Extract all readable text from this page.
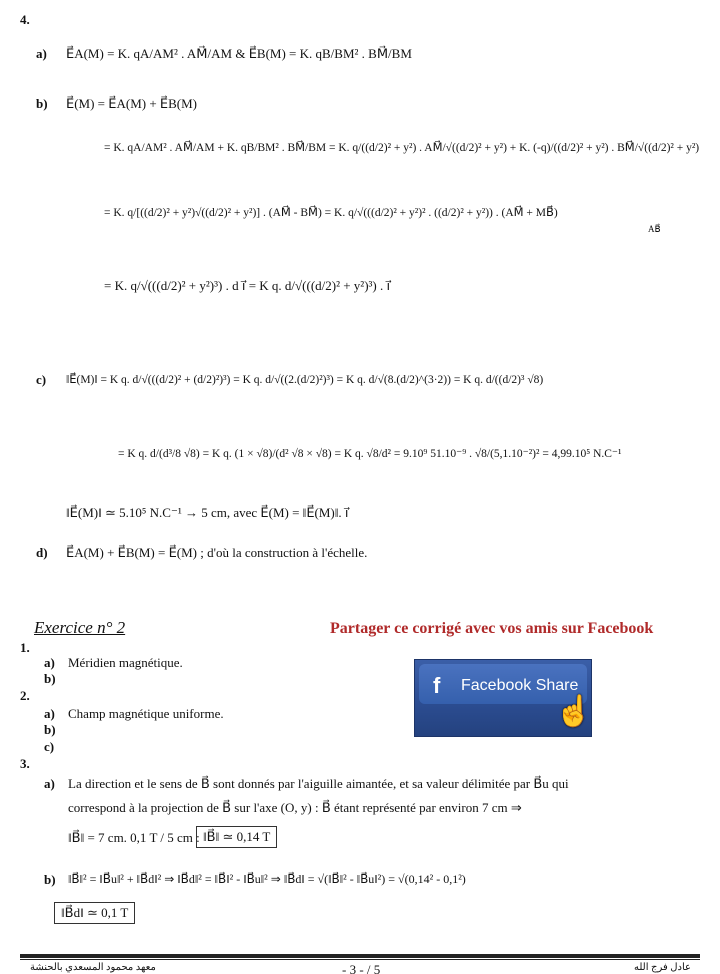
4.
a) E⃗A(M) = K. qA/AM² . AM⃗/AM & E⃗B(M) = K. qB/BM² . BM⃗/BM
b) E⃗(M) = E⃗A(M) + E⃗B(M)
= K. qA/AM² . AM⃗/AM + K. qB/BM² . BM⃗/BM = K. q/((d/2)² + y²) . AM⃗/√((d/2)² + y²) + K. (-q)/((d/2)² + y²) . BM⃗/√((d/2)² + y²)
= K. q/[((d/2)² + y²)√((d/2)² + y²)] . (AM⃗ - BM⃗) = K. q/√(((d/2)² + y²)² . ((d/2)² + y²)) . (AM⃗ + MB⃗)
AB⃗
= K. q/√(((d/2)² + y²)³) . d i⃗ = K q. d/√(((d/2)² + y²)³) . i⃗
c) ‖E⃗(M)‖ = K q. d/√(((d/2)² + (d/2)²)³) = K q. d/√((2.(d/2)²)³) = K q. d/√(8.(d/2)^(3·2)) = K q. d/((d/2)³ √8)
= K q. d/(d³/8 √8) = K q. (1 × √8)/(d² √8 × √8) = K q. √8/d² = 9.10⁹ 51.10⁻⁹ . √8/(5,1.10⁻²)² = 4,99.10⁵ N.C⁻¹
‖E⃗(M)‖ ≃ 5.10⁵ N.C⁻¹ → 5 cm, avec E⃗(M) = ‖E⃗(M)‖. i⃗
d) E⃗A(M) + E⃗B(M) = E⃗(M) ; d'où la construction à l'échelle.
Exercice n° 2	Partager ce corrigé avec vos amis sur Facebook
f Facebook Share
☝
1.
a) Méridien magnétique.
b)
2.
a) Champ magnétique uniforme.
b)
c)
3.
a) La direction et le sens de B⃗ sont donnés par l'aiguille aimantée, et sa valeur délimitée par B⃗u qui
correspond à la projection de B⃗ sur l'axe (O, y) : B⃗ étant représenté par environ 7 cm ⇒
‖B⃗‖ = 7 cm. 0,1 T / 5 cm : ‖B⃗‖ ≃ 0,14 T
b) ‖B⃗‖² = ‖B⃗u‖² + ‖B⃗d‖² ⇒ ‖B⃗d‖² = ‖B⃗‖² - ‖B⃗u‖² ⇒ ‖B⃗d‖ = √(‖B⃗‖² - ‖B⃗u‖²) = √(0,14² - 0,1²)
‖B⃗d‖ ≃ 0,1 T
معهد محمود المسعدي بالحنشة	- 3 - / 5	عادل فرج الله
